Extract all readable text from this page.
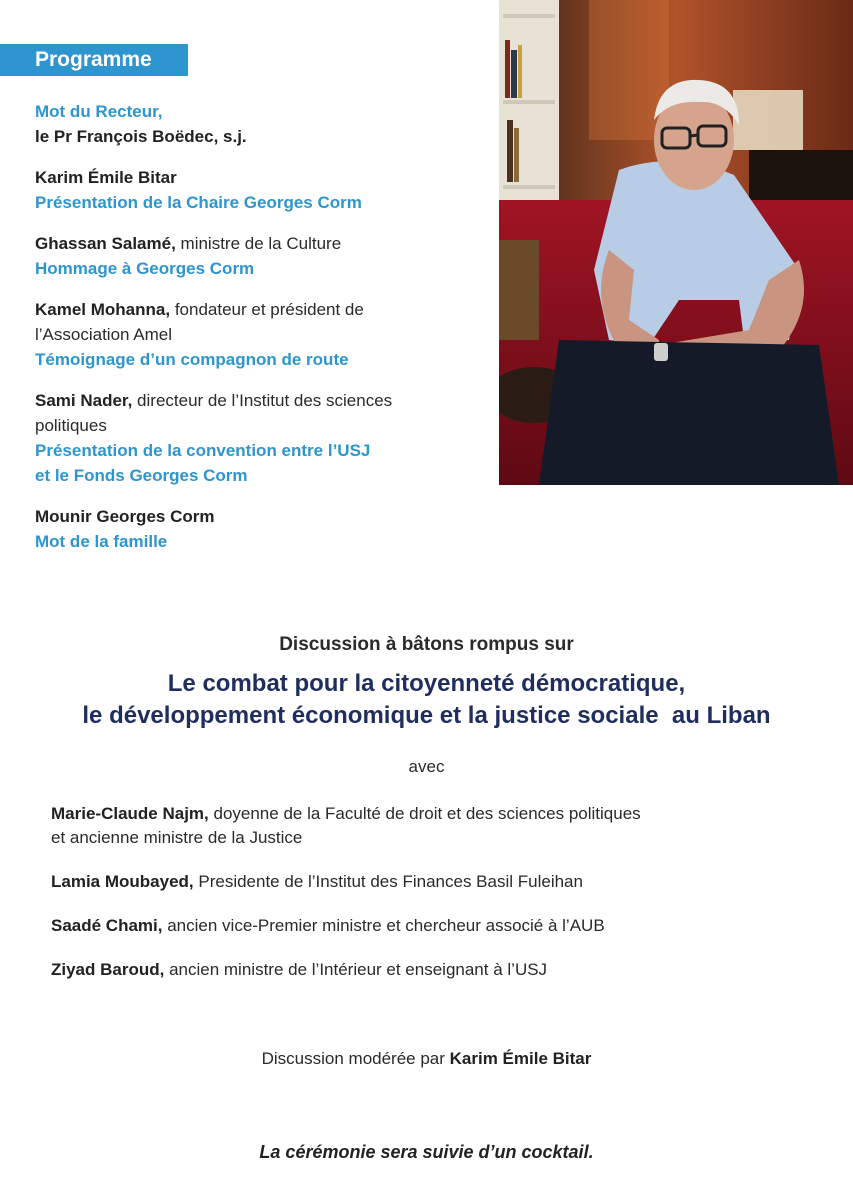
Programme
Mot du Recteur,
le Pr François Boëdec, s.j.
Karim Émile Bitar
Présentation de la Chaire Georges Corm
Ghassan Salamé, ministre de la Culture
Hommage à Georges Corm
Kamel Mohanna, fondateur et président de
l’Association Amel
Témoignage d’un compagnon de route
Sami Nader, directeur de l’Institut des sciences
politiques
Présentation de la convention entre l’USJ
et le Fonds Georges Corm
Mounir Georges Corm
Mot de la famille
Discussion à bâtons rompus sur
Le combat pour la citoyenneté démocratique,
le développement économique et la justice sociale  au Liban
avec
Marie-Claude Najm, doyenne de la Faculté de droit et des sciences politiques
et ancienne ministre de la Justice
Lamia Moubayed, Presidente de l’Institut des Finances Basil Fuleihan
Saadé Chami, ancien vice-Premier ministre et chercheur associé à l’AUB
Ziyad Baroud, ancien ministre de l’Intérieur et enseignant à l’USJ
Discussion modérée par Karim Émile Bitar
La cérémonie sera suivie d’un cocktail.
